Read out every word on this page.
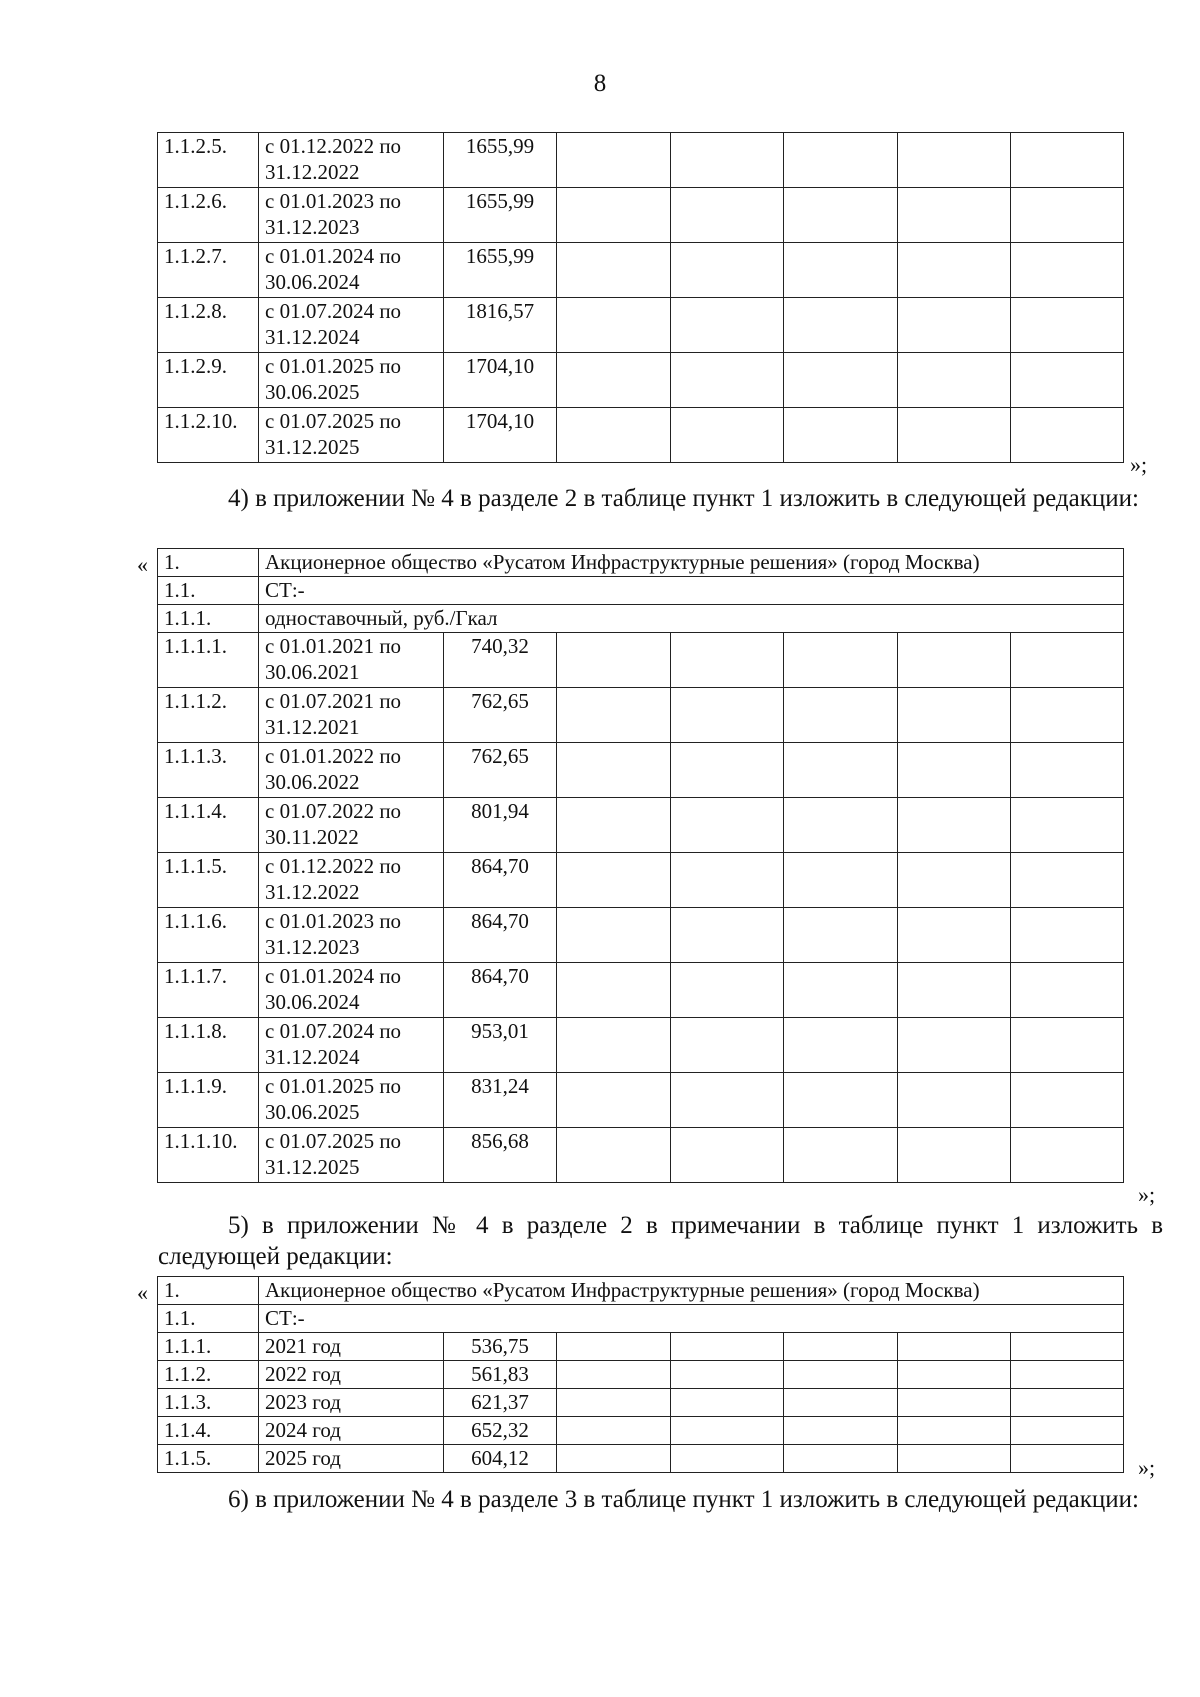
8
1.1.2.5.	с 01.12.2022 по 31.12.2022	1655,99					
1.1.2.6.	с 01.01.2023 по 31.12.2023	1655,99					
1.1.2.7.	с 01.01.2024 по 30.06.2024	1655,99					
1.1.2.8.	с 01.07.2024 по 31.12.2024	1816,57					
1.1.2.9.	с 01.01.2025 по 30.06.2025	1704,10					
1.1.2.10.	с 01.07.2025 по 31.12.2025	1704,10					
»;
4) в приложении № 4 в разделе 2 в таблице пункт 1 изложить в следующей редакции:
« 1.	Акционерное общество «Русатом Инфраструктурные решения» (город Москва)						
1.1.	СТ:-						
1.1.1.	одноставочный, руб./Гкал						
1.1.1.1.	с 01.01.2021 по 30.06.2021	740,32					
1.1.1.2.	с 01.07.2021 по 31.12.2021	762,65					
1.1.1.3.	с 01.01.2022 по 30.06.2022	762,65					
1.1.1.4.	с 01.07.2022 по 30.11.2022	801,94					
1.1.1.5.	с 01.12.2022 по 31.12.2022	864,70					
1.1.1.6.	с 01.01.2023 по 31.12.2023	864,70					
1.1.1.7.	с 01.01.2024 по 30.06.2024	864,70					
1.1.1.8.	с 01.07.2024 по 31.12.2024	953,01					
1.1.1.9.	с 01.01.2025 по 30.06.2025	831,24					
1.1.1.10.	с 01.07.2025 по 31.12.2025	856,68					
»;
5) в приложении № 4 в разделе 2 в примечании в таблице пункт 1 изложить в следующей редакции:
« 1.	Акционерное общество «Русатом Инфраструктурные решения» (город Москва)						
1.1.	СТ:-						
1.1.1.	2021 год	536,75					
1.1.2.	2022 год	561,83					
1.1.3.	2023 год	621,37					
1.1.4.	2024 год	652,32					
1.1.5.	2025 год	604,12						»;
6) в приложении № 4 в разделе 3 в таблице пункт 1 изложить в следующей редакции:
